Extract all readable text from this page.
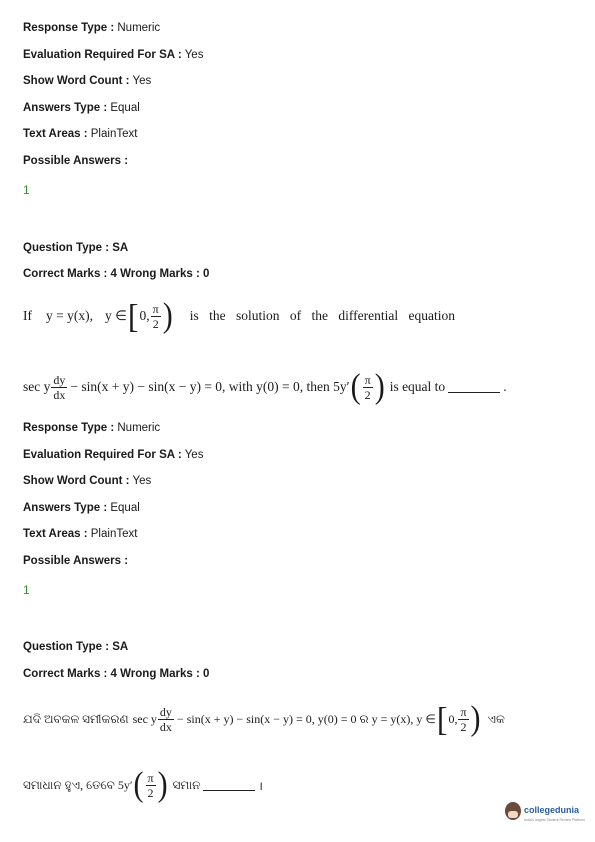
Response Type : Numeric
Evaluation Required For SA : Yes
Show Word Count : Yes
Answers Type : Equal
Text Areas : PlainText
Possible Answers :
1
Question Type : SA
Correct Marks : 4 Wrong Marks : 0
If y = y(x), y ∈ [ 0, $\frac{\pi}{2}$ ) is the solution of the differential equation
sec y $\frac{dy}{dx} - \sin(x + y) - \sin(x - y) = 0$, with y(0) = 0, then 5y′ ( $\frac{\pi}{2}$ ) is equal to	.
Response Type : Numeric
Evaluation Required For SA : Yes
Show Word Count : Yes
Answers Type : Equal
Text Areas : PlainText
Possible Answers :
1
Question Type : SA
Correct Marks : 4 Wrong Marks : 0
ଯଦି ଅବକଳ ସମୀକରଣ sec y $\frac{dy}{dx} - \sin(x + y) - \sin(x - y) = 0$, y(0) = 0 ର y = y(x), y ∈ [ 0, $\frac{\pi}{2}$ ) ଏକ
ସମାଧାନ ହୁଏ, ତେବେ 5y′ ( $\frac{\pi}{2}$ ) ସମାନ	।
collegedunia
India's largest Student Review Platform
